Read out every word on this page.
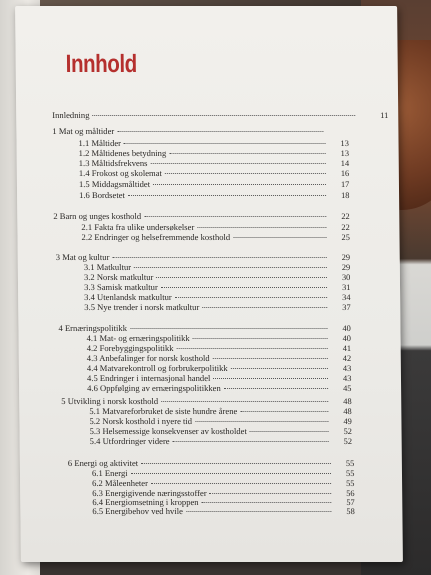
Innhold
Innledning	11
1 Mat og måltider
1.1 Måltider	13
1.2 Måltidenes betydning	13
1.3 Måltidsfrekvens	14
1.4 Frokost og skolemat	16
1.5 Middagsmåltidet	17
1.6 Bordsetet	18
2 Barn og unges kosthold	22
2.1 Fakta fra ulike undersøkelser	22
2.2 Endringer og helsefremmende kosthold	25
3 Mat og kultur	29
3.1 Matkultur	29
3.2 Norsk matkultur	30
3.3 Samisk matkultur	31
3.4 Utenlandsk matkultur	34
3.5 Nye trender i norsk matkultur	37
4 Ernæringspolitikk	40
4.1 Mat- og ernæringspolitikk	40
4.2 Forebyggingspolitikk	41
4.3 Anbefalinger for norsk kosthold	42
4.4 Matvarekontroll og forbrukerpolitikk	43
4.5 Endringer i internasjonal handel	43
4.6 Oppfølging av ernæringspolitikken	45
5 Utvikling i norsk kosthold	48
5.1 Matvareforbruket de siste hundre årene	48
5.2 Norsk kosthold i nyere tid	49
5.3 Helsemessige konsekvenser av kostholdet	52
5.4 Utfordringer videre	52
6 Energi og aktivitet	55
6.1 Energi	55
6.2 Måleenheter	55
6.3 Energigivende næringsstoffer	56
6.4 Energiomsetning i kroppen	57
6.5 Energibehov ved hvile	58
